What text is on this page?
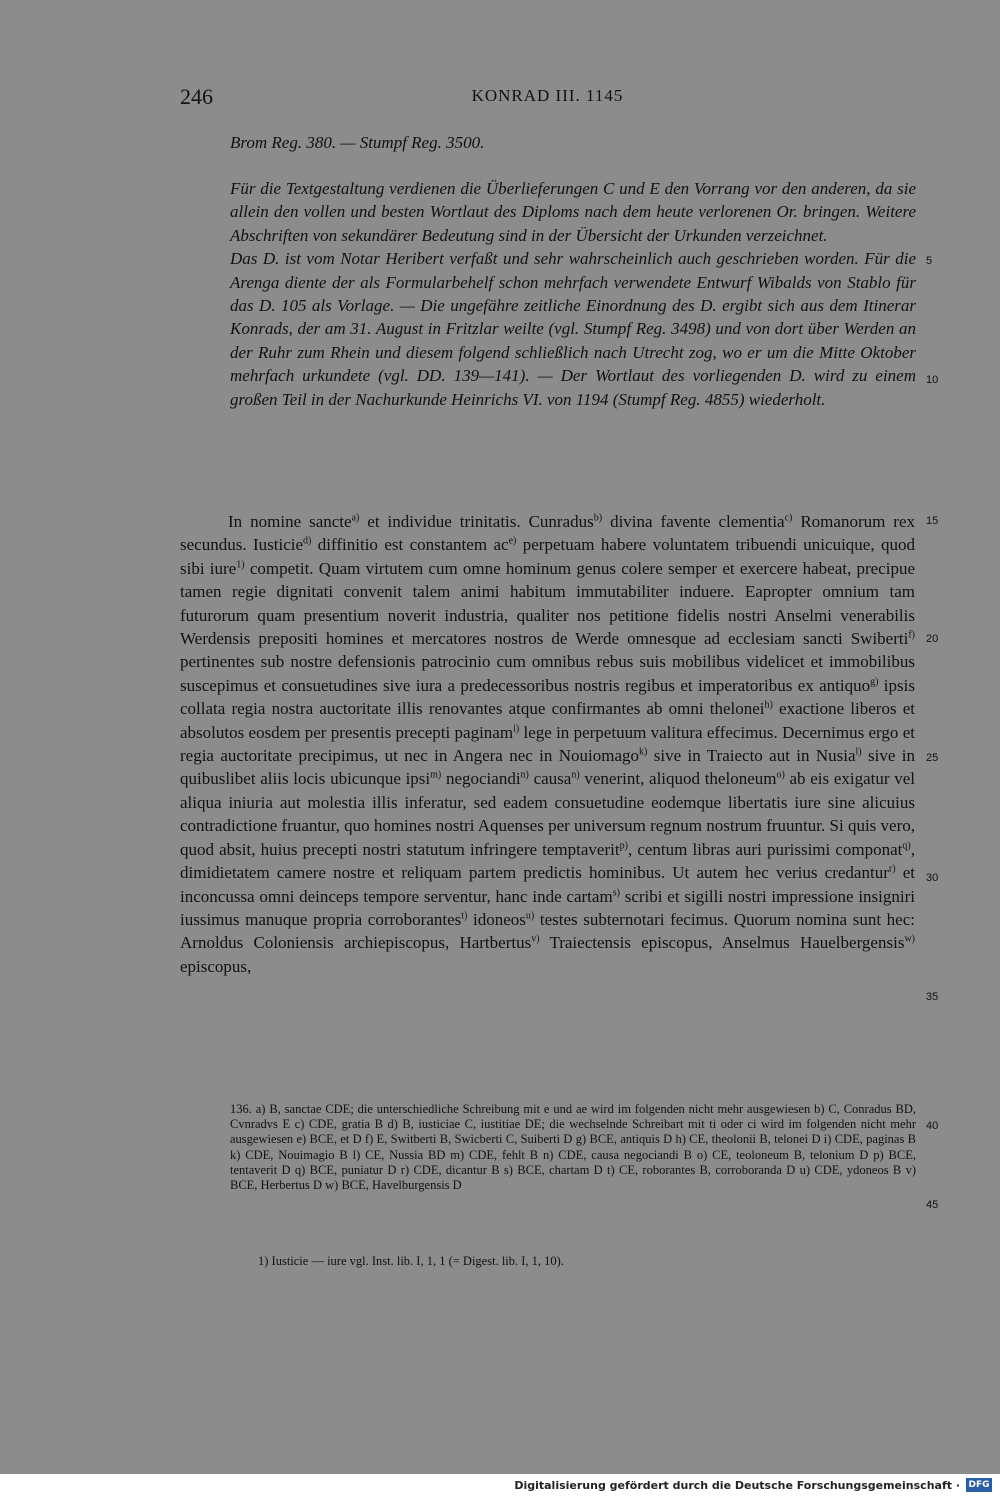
246	KONRAD III. 1145
Brom Reg. 380. — Stumpf Reg. 3500.

Für die Textgestaltung verdienen die Überlieferungen C und E den Vorrang vor den anderen, da sie allein den vollen und besten Wortlaut des Diploms nach dem heute verlorenen Or. bringen. Weitere Abschriften von sekundärer Bedeutung sind in der Übersicht der Urkunden verzeichnet.

Das D. ist vom Notar Heribert verfaßt und sehr wahrscheinlich auch geschrieben worden. Für die Arenga diente der als Formularbehelf schon mehrfach verwendete Entwurf Wibalds von Stablo für das D. 105 als Vorlage. — Die ungefähre zeitliche Einordnung des D. ergibt sich aus dem Itinerar Konrads, der am 31. August in Fritzlar weilte (vgl. Stumpf Reg. 3498) und von dort über Werden an der Ruhr zum Rhein und diesem folgend schließlich nach Utrecht zog, wo er um die Mitte Oktober mehrfach urkundete (vgl. DD. 139—141). — Der Wortlaut des vorliegenden D. wird zu einem großen Teil in der Nachurkunde Heinrichs VI. von 1194 (Stumpf Reg. 4855) wiederholt.

In nomine sancte$^{a)}$ et individue trinitatis. Cunradus$^{b)}$ divina favente clementia$^{c)}$ Romanorum rex secundus. Iusticie$^{d)}$ diffinitio est constantem $ac^{e)}$ perpetuam habere voluntatem tribuendi unicuique, quod sibi iure$^{1)}$ competit. Quam virtutem cum omne hominum genus colere semper et exercere habeat, precipue tamen regie dignitati convenit talem animi habitum immutabiliter induere. Eapropter omnium tam futurorum quam presentium noverit industria, qualiter nos petitione fidelis nostri Anselmi venerabilis Werdensis prepositi homines et mercatores nostros de Werde omnesque ad ecclesiam sancti Swiberti$^{f)}$ pertinentes sub nostre defensionis patrocinio cum omnibus rebus suis mobilibus videlicet et immobilibus suscepimus et consuetudines sive iura a predecessoribus nostris regibus et imperatoribus ex antiquo$^{g)}$ ipsis collata regia nostra auctoritate illis renovantes atque confirmantes ab omni thelonei$^{h)}$ exactione liberos et absolutos eosdem per presentis precepti paginam$^{i)}$ lege in perpetuum valitura effecimus. Decernimus ergo et regia auctoritate precipimus, ut nec in Angera nec in Nouiomago$^{k)}$ sive in Traiecto aut in Nusia$^{l)}$ sive in quibuslibet aliis locis ubicunque ipsi$^{m)}$ negociandi$^{n)}$ causa$^{n)}$ venerint, aliquod theloneum$^{o)}$ ab eis exigatur vel aliqua iniuria aut molestia illis inferatur, sed eadem consuetudine eodemque libertatis iure sine alicuius contradictione fruantur, quo homines nostri Aquenses per universum regnum nostrum fruuntur. Si quis vero, quod absit, huius precepti nostri statutum infringere temptaverit$^{p)}$, centum libras auri purissimi componat$^{q)}$, dimidietatem camere nostre et reliquam partem predictis hominibus. Ut autem hec verius credantur$^{r)}$ et inconcussa omni deinceps tempore serventur, hanc inde cartam$^{s)}$ scribi et sigilli nostri impressione insigniri iussimus manuque propria corroborantes$^{t)}$ idoneos$^{u)}$ testes subternotari fecimus. Quorum nomina sunt hec: Arnoldus Coloniensis archiepiscopus, Hartbertus$^{v)}$ Traiectensis episcopus, Anselmus Hauelbergensis$^{w)}$ episcopus,

136. a) B, sanctae CDE; die unterschiedliche Schreibung mit e und ae wird im folgenden nicht mehr ausgewiesen b) C, Conradus BD, Cvnradvs E c) CDE, gratia B d) B, iusticiae C, iustitiae DE; die wechselnde Schreibart mit ti oder ci wird im folgenden nicht mehr ausgewiesen e) BCE, et D f) E, Switberti B, Swicberti C, Suiberti D g) BCE, antiquis D h) CE, theolonii B, telonei D i) CDE, paginas B k) CDE, Nouimagio B l) CE, Nussia BD m) CDE, fehlt B n) CDE, causa negociandi B o) CE, teoloneum B, telonium D p) BCE, tentaverit D q) BCE, puniatur D r) CDE, dicantur B s) BCE, chartam D t) CE, roborantes B, corroboranda D u) CDE, ydoneos B v) BCE, Herbertus D w) BCE, Havelburgensis D

1) Iusticie — iure vgl. Inst. lib. I, 1, 1 (= Digest. lib. I, 1, 10).
5
10
15
20
25
30
35
40
45
Digitalisierung gefördert durch die Deutsche Forschungsgemeinschaft · DFG
